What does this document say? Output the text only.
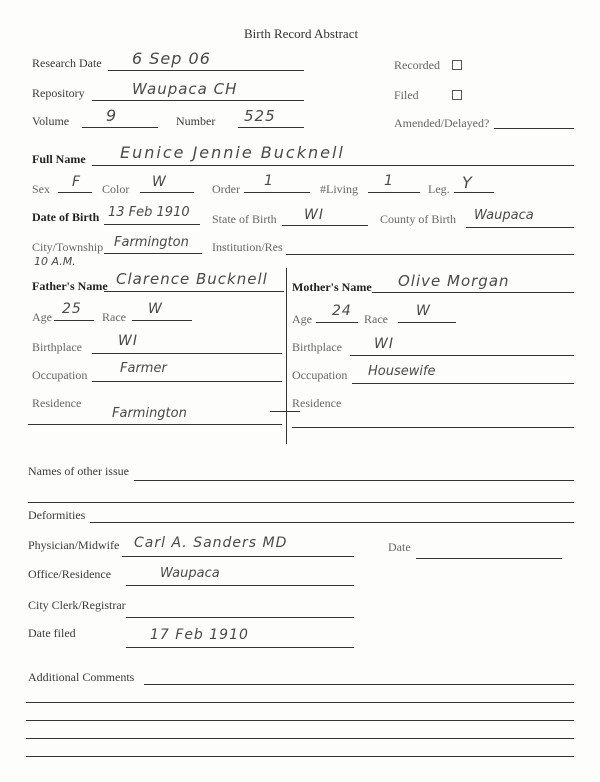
Birth Record Abstract
Research Date 6 Sep 06	Recorded
Repository	Waupaca CH	Filed
Volume 9	Number 525	Amended/Delayed?
Full Name Eunice Jennie Bucknell
Sex F Color W	Order 1	#Living 1	Leg. Y
Date of Birth 13 Feb 1910 State of Birth WI	County of Birth Waupaca
City/Township Farmington Institution/Res
10 A.M.
Father's Name Clarence Bucknell
Age 25 Race W
Birthplace	WI
Occupation	Farmer
Residence
Farmington
Mother's Name Olive Morgan
Age 24 Race W
Birthplace WI
Occupation Housewife
Residence
Names of other issue
Deformities
Physician/Midwife Carl A. Sanders MD	Date
Office/Residence	Waupaca
City Clerk/Registrar
Date filed	17 Feb 1910
Additional Comments
